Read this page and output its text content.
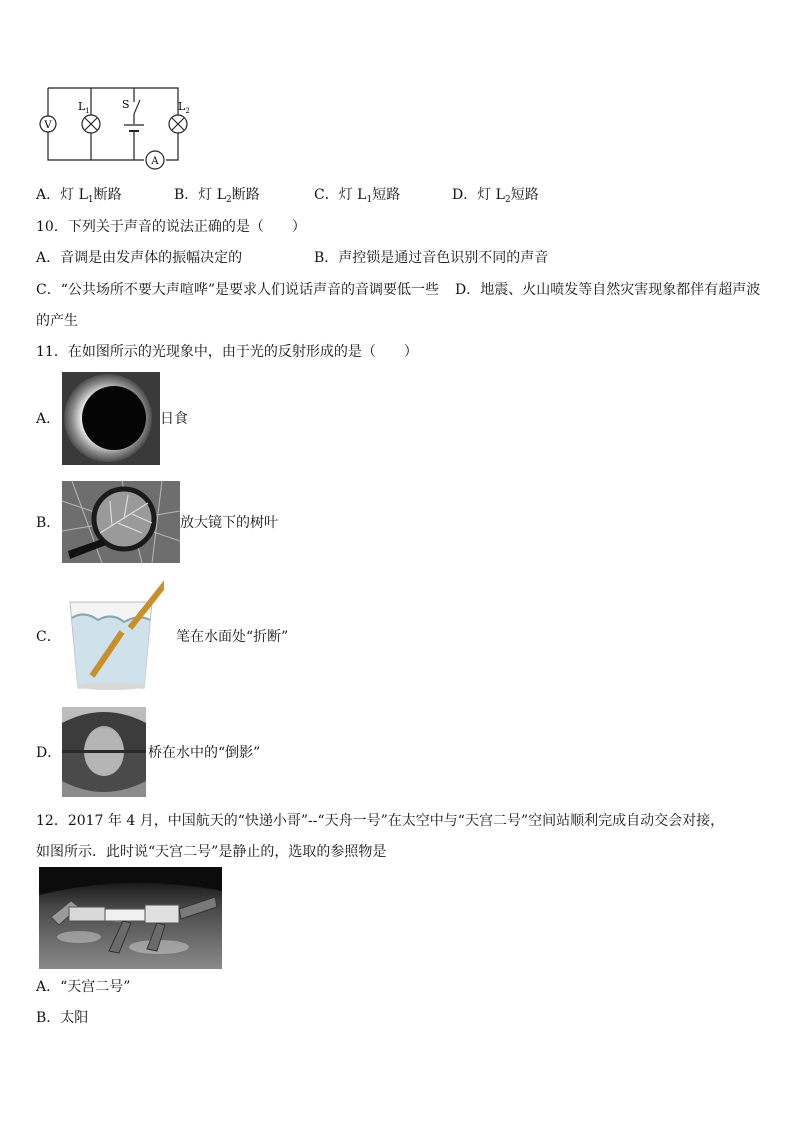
V
$L_1$	S	$L_2$
A
A．灯 $L_1$断路	B．灯 $L_2$断路	C．灯 $L_1$短路	D．灯 $L_2$短路
10．下列关于声音的说法正确的是（　　）
A．音调是由发声体的振幅决定的	B．声控锁是通过音色识别不同的声音
C．“公共场所不要大声喧哗”是要求人们说话声音的音调要低一些 D．地震、火山喷发等自然灾害现象都伴有超声波
的产生
11．在如图所示的光现象中，由于光的反射形成的是（　　）
A．	日食
B．	放大镜下的树叶
C．	笔在水面处“折断”
D．	桥在水中的“倒影”
12．2017 年 4 月，中国航天的“快递小哥”--“天舟一号”在太空中与“天宫二号”空间站顺利完成自动交会对接，
如图所示．此时说“天宫二号”是静止的，选取的参照物是
A．“天宫二号”
B．太阳
